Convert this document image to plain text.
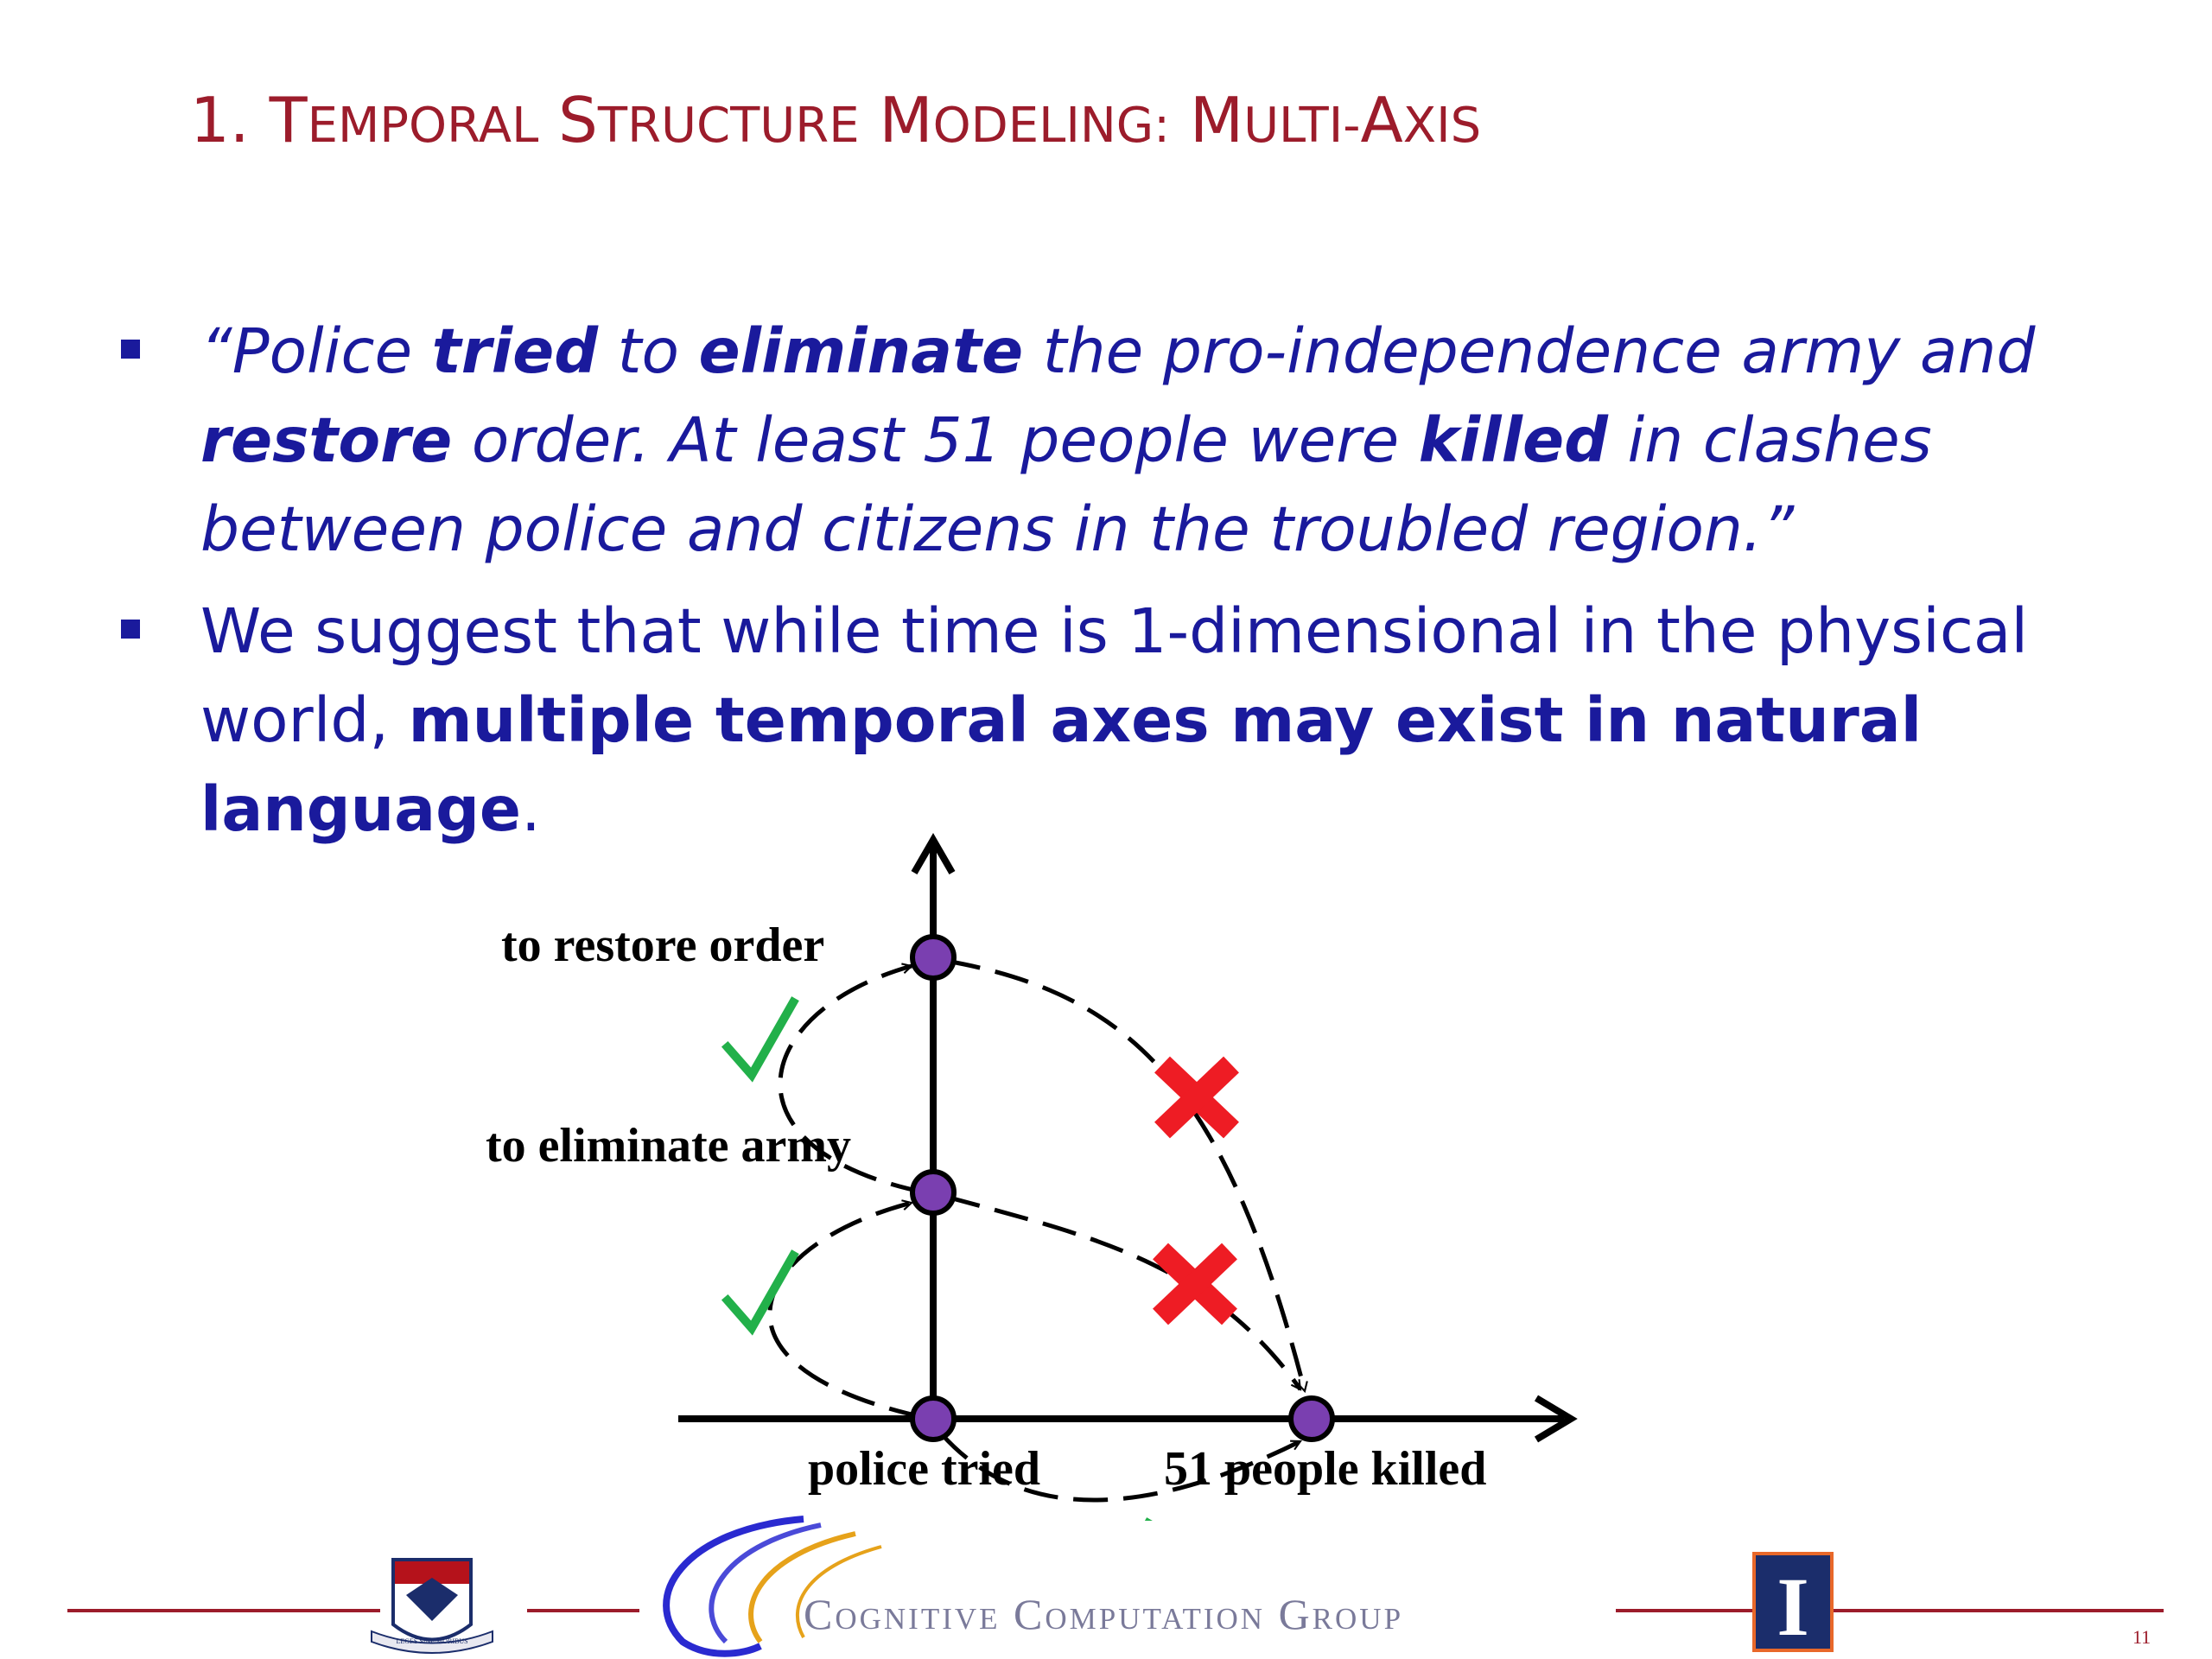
1. TEMPORAL STRUCTURE MODELING: MULTI-AXIS
“Police tried to eliminate the pro-independence army and restore order. At least 51 people were killed in clashes between police and citizens in the troubled region.”
We suggest that while time is 1-dimensional in the physical world, multiple temporal axes may exist in natural language.
to restore order
to eliminate army
police tried	51 people killed
LEGES SINE MORIBUS
Cognitive Computation Group	I	11
